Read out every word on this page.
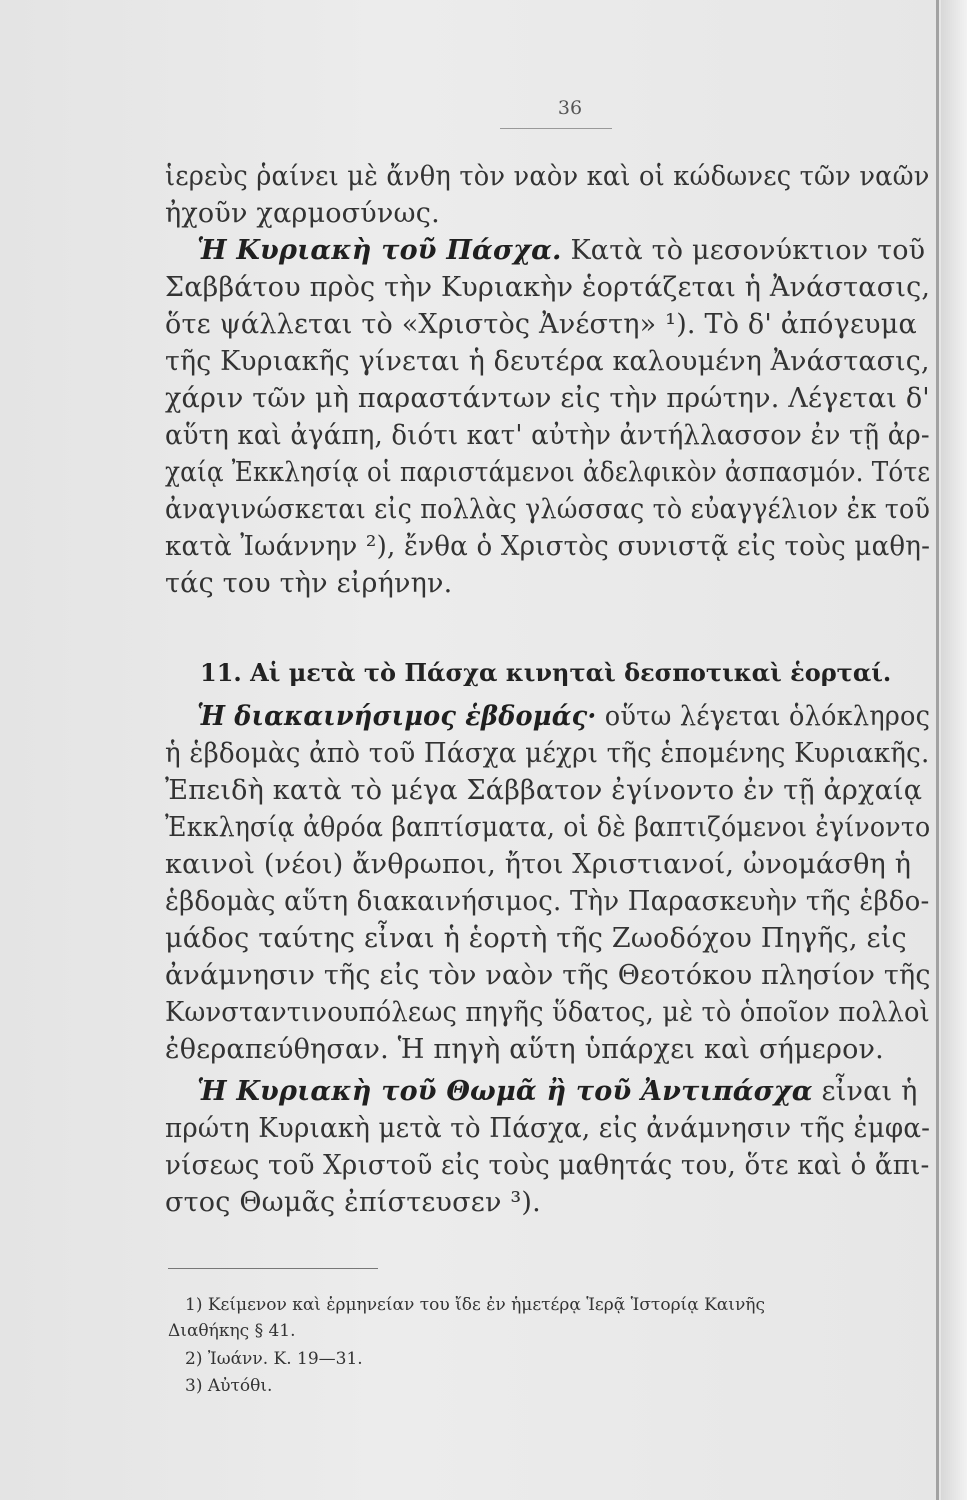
36
ἱερεὺς ῥαίνει μὲ ἄνθη τὸν ναὸν καὶ οἱ κώδωνες τῶν ναῶν
ἠχοῦν χαρμοσύνως.
Ἡ Κυριακὴ τοῦ Πάσχα. Κατὰ τὸ μεσονύκτιον τοῦ
Σαββάτου πρὸς τὴν Κυριακὴν ἑορτάζεται ἡ Ἀνάστασις,
ὅτε ψάλλεται τὸ «Χριστὸς Ἀνέστη» ¹). Τὸ δ' ἀπόγευμα
τῆς Κυριακῆς γίνεται ἡ δευτέρα καλουμένη Ἀνάστασις,
χάριν τῶν μὴ παραστάντων εἰς τὴν πρώτην. Λέγεται δ'
αὕτη καὶ ἀγάπη, διότι κατ' αὐτὴν ἀντήλλασσον ἐν τῇ ἀρ-
χαίᾳ Ἐκκλησίᾳ οἱ παριστάμενοι ἀδελφικὸν ἀσπασμόν. Τότε
ἀναγινώσκεται εἰς πολλὰς γλώσσας τὸ εὐαγγέλιον ἐκ τοῦ
κατὰ Ἰωάννην ²), ἔνθα ὁ Χριστὸς συνιστᾷ εἰς τοὺς μαθη-
τάς του τὴν εἰρήνην.
11. Αἱ μετὰ τὸ Πάσχα κινηταὶ δεσποτικαὶ ἑορταί.
Ἡ διακαινήσιμος ἑβδομάς· οὕτω λέγεται ὁλόκληρος
ἡ ἑβδομὰς ἀπὸ τοῦ Πάσχα μέχρι τῆς ἑπομένης Κυριακῆς.
Ἐπειδὴ κατὰ τὸ μέγα Σάββατον ἐγίνοντο ἐν τῇ ἀρχαίᾳ
Ἐκκλησίᾳ ἀθρόα βαπτίσματα, οἱ δὲ βαπτιζόμενοι ἐγίνοντο
καινοὶ (νέοι) ἄνθρωποι, ἤτοι Χριστιανοί, ὠνομάσθη ἡ
ἑβδομὰς αὕτη διακαινήσιμος. Τὴν Παρασκευὴν τῆς ἑβδο-
μάδος ταύτης εἶναι ἡ ἑορτὴ τῆς Ζωοδόχου Πηγῆς, εἰς
ἀνάμνησιν τῆς εἰς τὸν ναὸν τῆς Θεοτόκου πλησίον τῆς
Κωνσταντινουπόλεως πηγῆς ὕδατος, μὲ τὸ ὁποῖον πολλοὶ
ἐθεραπεύθησαν. Ἡ πηγὴ αὕτη ὑπάρχει καὶ σήμερον.
Ἡ Κυριακὴ τοῦ Θωμᾶ ἢ τοῦ Ἀντιπάσχα εἶναι ἡ
πρώτη Κυριακὴ μετὰ τὸ Πάσχα, εἰς ἀνάμνησιν τῆς ἐμφα-
νίσεως τοῦ Χριστοῦ εἰς τοὺς μαθητάς του, ὅτε καὶ ὁ ἄπι-
στος Θωμᾶς ἐπίστευσεν ³).
1) Κείμενον καὶ ἑρμηνείαν του ἴδε ἐν ἡμετέρᾳ Ἱερᾷ Ἱστορίᾳ Καινῆς
Διαθήκης § 41.
2) Ἰωάνν. Κ. 19—31.
3) Αὐτόθι.
